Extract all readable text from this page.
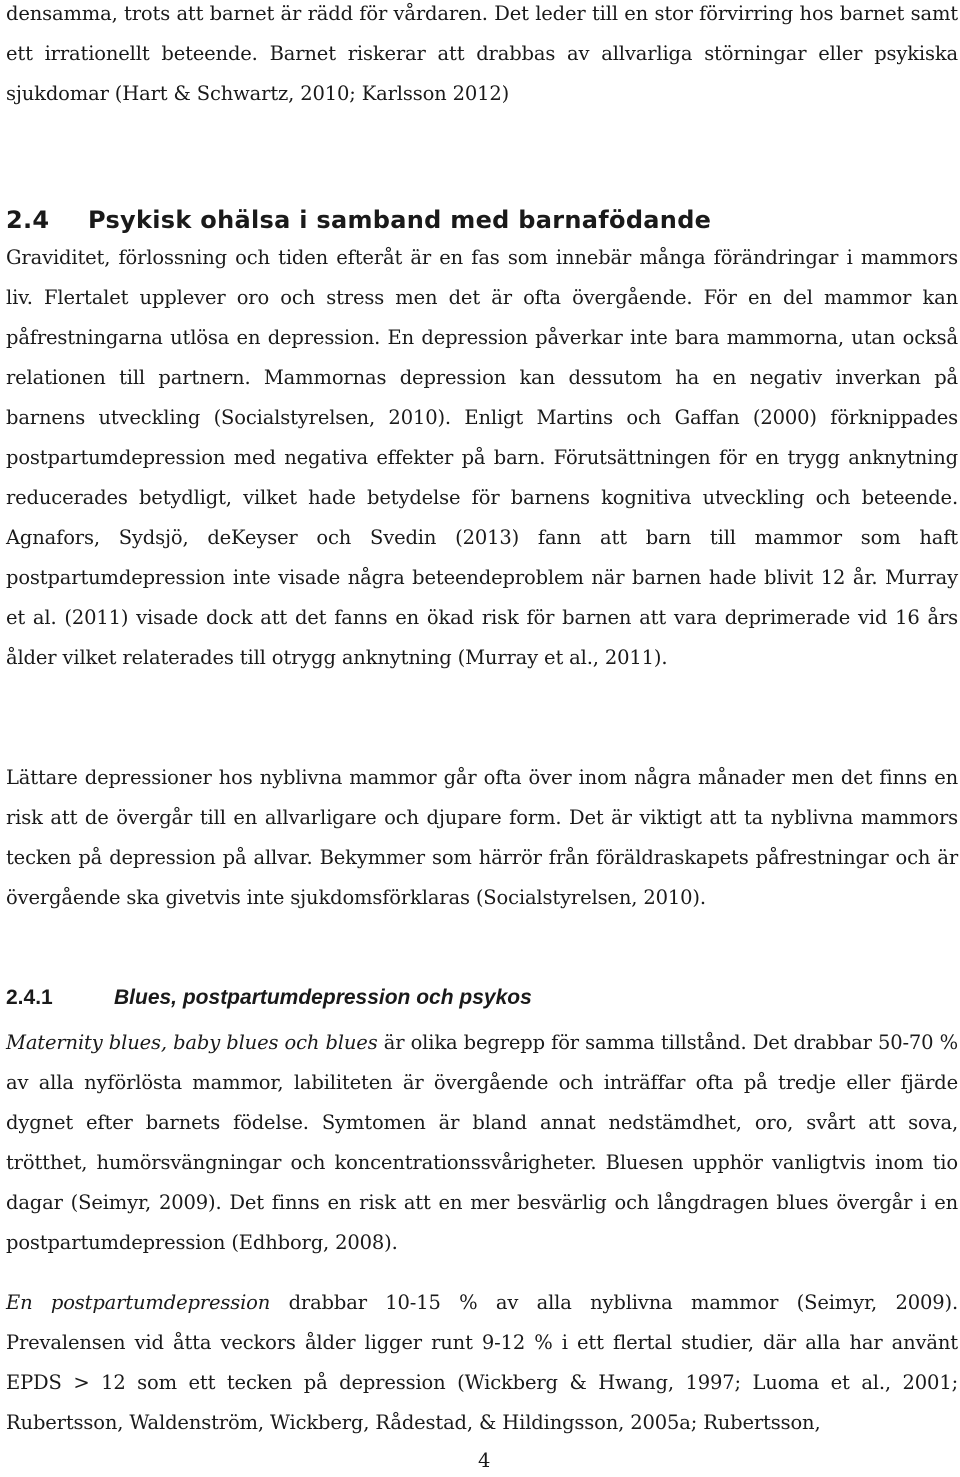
densamma, trots att barnet är rädd för vårdaren. Det leder till en stor förvirring hos barnet samt ett irrationellt beteende. Barnet riskerar att drabbas av allvarliga störningar eller psykiska sjukdomar (Hart & Schwartz, 2010; Karlsson 2012)

2.4 Psykisk ohälsa i samband med barnafödande

Graviditet, förlossning och tiden efteråt är en fas som innebär många förändringar i mammors liv. Flertalet upplever oro och stress men det är ofta övergående. För en del mammor kan påfrestningarna utlösa en depression. En depression påverkar inte bara mammorna, utan också relationen till partnern. Mammornas depression kan dessutom ha en negativ inverkan på barnens utveckling (Socialstyrelsen, 2010). Enligt Martins och Gaffan (2000) förknippades postpartumdepression med negativa effekter på barn. Förutsättningen för en trygg anknytning reducerades betydligt, vilket hade betydelse för barnens kognitiva utveckling och beteende. Agnafors, Sydsjö, deKeyser och Svedin (2013) fann att barn till mammor som haft postpartumdepression inte visade några beteendeproblem när barnen hade blivit 12 år. Murray et al. (2011) visade dock att det fanns en ökad risk för barnen att vara deprimerade vid 16 års ålder vilket relaterades till otrygg anknytning (Murray et al., 2011).

Lättare depressioner hos nyblivna mammor går ofta över inom några månader men det finns en risk att de övergår till en allvarligare och djupare form. Det är viktigt att ta nyblivna mammors tecken på depression på allvar. Bekymmer som härrör från föräldraskapets påfrestningar och är övergående ska givetvis inte sjukdomsförklaras (Socialstyrelsen, 2010).

2.4.1	Blues, postpartumdepression och psykos

Maternity blues, baby blues och blues är olika begrepp för samma tillstånd. Det drabbar 50-70 % av alla nyförlösta mammor, labiliteten är övergående och inträffar ofta på tredje eller fjärde dygnet efter barnets födelse. Symtomen är bland annat nedstämdhet, oro, svårt att sova, trötthet, humörsvängningar och koncentrationssvårigheter. Bluesen upphör vanligtvis inom tio dagar (Seimyr, 2009). Det finns en risk att en mer besvärlig och långdragen blues övergår i en postpartumdepression (Edhborg, 2008).

En postpartumdepression drabbar 10-15 % av alla nyblivna mammor (Seimyr, 2009). Prevalensen vid åtta veckors ålder ligger runt 9-12 % i ett flertal studier, där alla har använt EPDS > 12 som ett tecken på depression (Wickberg & Hwang, 1997; Luoma et al., 2001; Rubertsson, Waldenström, Wickberg, Rådestad, & Hildingsson, 2005a; Rubertsson,

4
